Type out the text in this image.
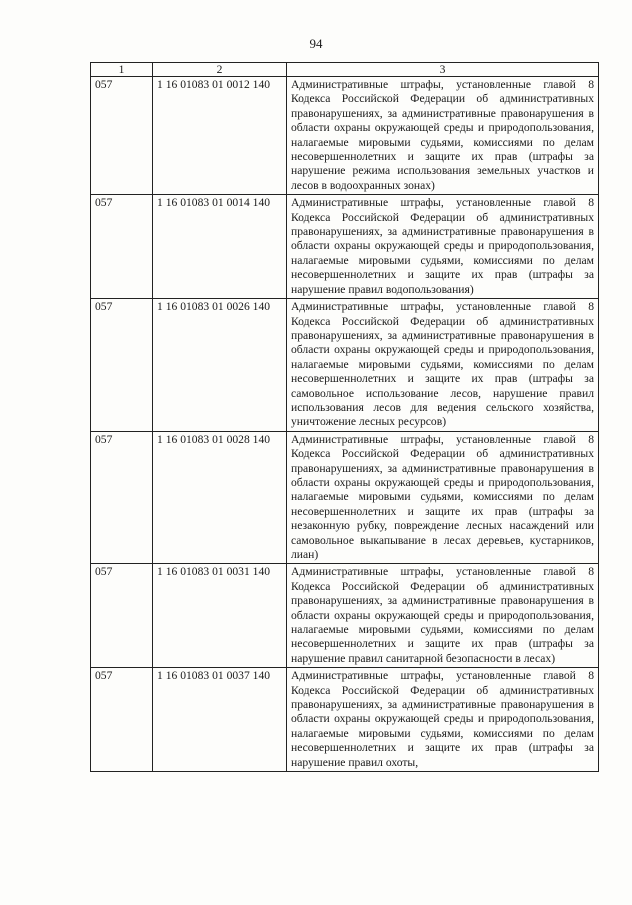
94
1	2	3
057	1 16 01083 01 0012 140	Административные штрафы, установленные главой 8 Кодекса Российской Федерации об административных правонарушениях, за административные правонарушения в области охраны окружающей среды и природопользования, налагаемые мировыми судьями, комиссиями по делам несовершеннолетних и защите их прав (штрафы за нарушение режима использования земельных участков и лесов в водоохранных зонах)
057	1 16 01083 01 0014 140	Административные штрафы, установленные главой 8 Кодекса Российской Федерации об административных правонарушениях, за административные правонарушения в области охраны окружающей среды и природопользования, налагаемые мировыми судьями, комиссиями по делам несовершеннолетних и защите их прав (штрафы за нарушение правил водопользования)
057	1 16 01083 01 0026 140	Административные штрафы, установленные главой 8 Кодекса Российской Федерации об административных правонарушениях, за административные правонарушения в области охраны окружающей среды и природопользования, налагаемые мировыми судьями, комиссиями по делам несовершеннолетних и защите их прав (штрафы за самовольное использование лесов, нарушение правил использования лесов для ведения сельского хозяйства, уничтожение лесных ресурсов)
057	1 16 01083 01 0028 140	Административные штрафы, установленные главой 8 Кодекса Российской Федерации об административных правонарушениях, за административные правонарушения в области охраны окружающей среды и природопользования, налагаемые мировыми судьями, комиссиями по делам несовершеннолетних и защите их прав (штрафы за незаконную рубку, повреждение лесных насаждений или самовольное выкапывание в лесах деревьев, кустарников, лиан)
057	1 16 01083 01 0031 140	Административные штрафы, установленные главой 8 Кодекса Российской Федерации об административных правонарушениях, за административные правонарушения в области охраны окружающей среды и природопользования, налагаемые мировыми судьями, комиссиями по делам несовершеннолетних и защите их прав (штрафы за нарушение правил санитарной безопасности в лесах)
057	1 16 01083 01 0037 140	Административные штрафы, установленные главой 8 Кодекса Российской Федерации об административных правонарушениях, за административные правонарушения в области охраны окружающей среды и природопользования, налагаемые мировыми судьями, комиссиями по делам несовершеннолетних и защите их прав (штрафы за нарушение правил охоты,
